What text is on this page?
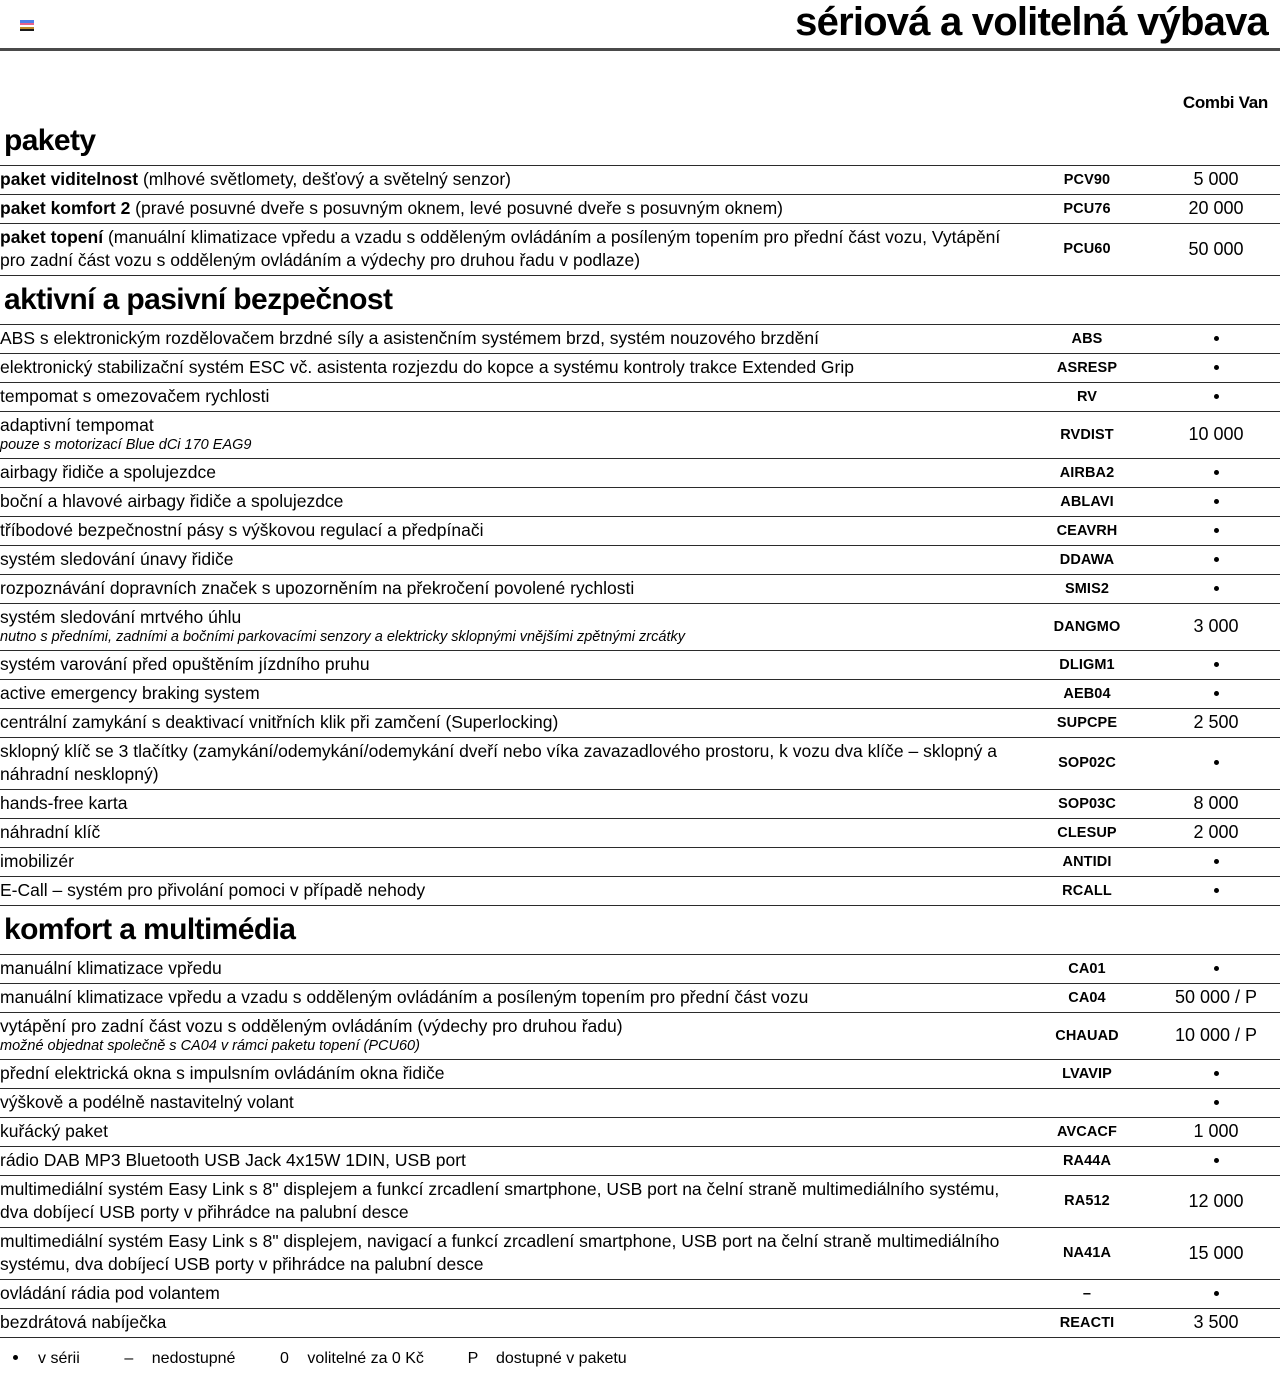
sériová a volitelná výbava
Combi Van
pakety
paket viditelnost (mlhové světlomety, dešťový a světelný senzor)	PCV90	5 000

paket komfort 2 (pravé posuvné dveře s posuvným oknem, levé posuvné dveře s posuvným oknem)	PCU76	20 000

paket topení (manuální klimatizace vpředu a vzadu s odděleným ovládáním a posíleným topením pro přední část vozu, Vytápění pro zadní část vozu s odděleným ovládáním a výdechy pro druhou řadu v podlaze)	PCU60	50 000
aktivní a pasivní bezpečnost
ABS s elektronickým rozdělovačem brzdné síly a asistenčním systémem brzd, systém nouzového brzdění	ABS	

elektronický stabilizační systém ESC vč. asistenta rozjezdu do kopce a systému kontroly trakce Extended Grip	ASRESP	

tempomat s omezovačem rychlosti	RV	

adaptivní tempomat
pouze s motorizací Blue dCi 170 EAG9	RVDIST	10 000

airbagy řidiče a spolujezdce	AIRBA2	

boční a hlavové airbagy řidiče a spolujezdce	ABLAVI	

tříbodové bezpečnostní pásy s výškovou regulací a předpínači	CEAVRH	

systém sledování únavy řidiče	DDAWA	

rozpoznávání dopravních značek s upozorněním na překročení povolené rychlosti	SMIS2	

systém sledování mrtvého úhlu
nutno s předními, zadními a bočními parkovacími senzory a elektricky sklopnými vnějšími zpětnými zrcátky	DANGMO	3 000

systém varování před opuštěním jízdního pruhu	DLIGM1	

active emergency braking system	AEB04	

centrální zamykání s deaktivací vnitřních klik při zamčení (Superlocking)	SUPCPE	2 500

sklopný klíč se 3 tlačítky (zamykání/odemykání/odemykání dveří nebo víka zavazadlového prostoru, k vozu dva klíče – sklopný a náhradní nesklopný)	SOP02C	

hands-free karta	SOP03C	8 000

náhradní klíč	CLESUP	2 000

imobilizér	ANTIDI	

E-Call – systém pro přivolání pomoci v případě nehody	RCALL	
komfort a multimédia
manuální klimatizace vpředu	CA01	

manuální klimatizace vpředu a vzadu s odděleným ovládáním a posíleným topením pro přední část vozu	CA04	50 000 / P

vytápění pro zadní část vozu s odděleným ovládáním (výdechy pro druhou řadu)
možné objednat společně s CA04 v rámci paketu topení (PCU60)	CHAUAD	10 000 / P

přední elektrická okna s impulsním ovládáním okna řidiče	LVAVIP	

výškově a podélně nastavitelný volant		

kuřácký paket	AVCACF	1 000

rádio DAB MP3 Bluetooth USB Jack 4x15W 1DIN, USB port	RA44A	

multimediální systém Easy Link s 8" displejem a funkcí zrcadlení smartphone, USB port na čelní straně multimediálního systému, dva dobíjecí USB porty v přihrádce na palubní desce	RA512	12 000

multimediální systém Easy Link s 8" displejem, navigací a funkcí zrcadlení smartphone, USB port na čelní straně multimediálního systému, dva dobíjecí USB porty v přihrádce na palubní desce	NA41A	15 000

ovládání rádia pod volantem	–	

bezdrátová nabíječka	REACTI	3 500
v sérii	– nedostupné	0 volitelné za 0 Kč	P dostupné v paketu
